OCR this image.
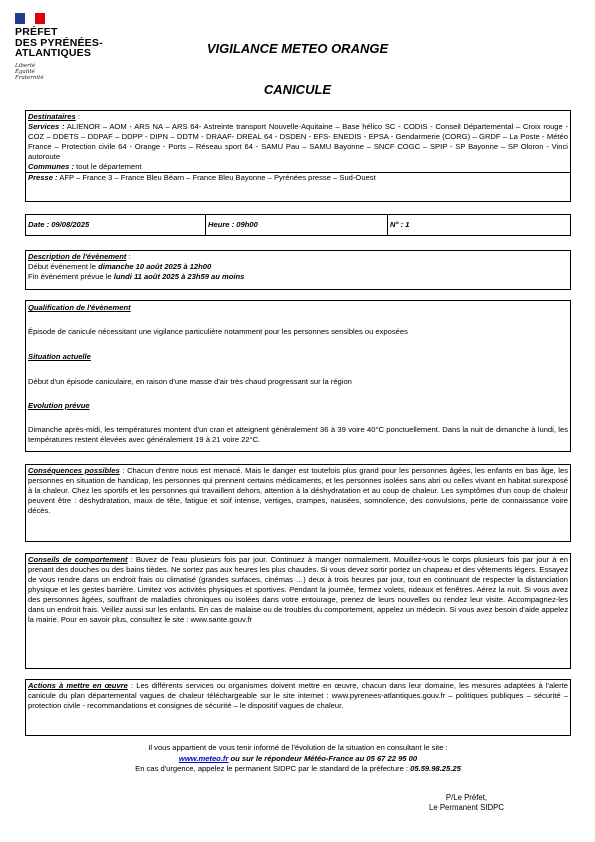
PRÉFET
DES PYRÉNÉES-
ATLANTIQUES
Liberté
Égalité
Fraternité
VIGILANCE METEO ORANGE
CANICULE

Destinataires :

Services : ALIENOR – AOM - ARS NA – ARS 64- Astreinte transport Nouvelle-Aquitaine – Base hélico SC - CODIS - Conseil Départemental – Croix rouge - COZ – DDETS – DDPAF – DDPP - DIPN – DDTM - DRAAF- DREAL 64 - DSDEN - EFS- ENEDIS - EPSA - Gendarmerie (CORG) – GRDF – La Poste - Météo France – Protection civile 64 - Orange - Ports – Réseau sport 64 - SAMU Pau – SAMU Bayonne – SNCF COGC – SPIP - SP Bayonne – SP Oloron - Vinci autoroute

Communes : tout le département

Presse : AFP – France 3 – France Bleu Béarn – France Bleu Bayonne – Pyrénées presse – Sud-Ouest
Date : 09/08/2025	Heure : 09h00	N° : 1

Description de l'évènement :

Début événement le dimanche 10 août 2025 à 12h00

Fin événement prévue le lundi 11 août 2025 à 23h59 au moins

Qualification de l'évènement

Épisode de canicule nécessitant une vigilance particulière notamment pour les personnes sensibles ou exposées

Situation actuelle

Début d'un épisode caniculaire, en raison d'une masse d'air très chaud progressant sur la région

Evolution prévue

Dimanche après-midi, les températures montent d'un cran et atteignent généralement 36 à 39 voire 40°C ponctuellement. Dans la nuit de dimanche à lundi, les températures restent élevées avec généralement 19 à 21 voire 22°C.

Conséquences possibles : Chacun d'entre nous est menacé. Mais le danger est toutefois plus grand pour les personnes âgées, les enfants en bas âge, les personnes en situation de handicap, les personnes qui prennent certains médicaments, et les personnes isolées sans abri ou celles vivant en habitat surexposé à la chaleur. Chez les sportifs et les personnes qui travaillent dehors, attention à la déshydratation et au coup de chaleur. Les symptômes d'un coup de chaleur peuvent être : déshydratation, maux de tête, fatigue et soif intense, vertiges, crampes, nausées, somnolence, des convulsions, perte de connaissance voire décès.
Conseils de comportement : Buvez de l'eau plusieurs fois par jour. Continuez à manger normalement. Mouillez-vous le corps plusieurs fois par jour à en prenant des douches ou des bains tièdes. Ne sortez pas aux heures les plus chaudes. Si vous devez sortir portez un chapeau et des vêtements légers. Essayez de vous rendre dans un endroit frais ou climatisé (grandes surfaces, cinémas …) deux à trois heures par jour, tout en continuant de respecter la distanciation physique et les gestes barrière. Limitez vos activités physiques et sportives. Pendant la journée, fermez volets, rideaux et fenêtres. Aérez la nuit. Si vous avez des personnes âgées, souffrant de maladies chroniques ou isolées dans votre entourage, prenez de leurs nouvelles ou rendez leur visite. Accompagnez-les dans un endroit frais. Veillez aussi sur les enfants. En cas de malaise ou de troubles du comportement, appelez un médecin. Si vous avez besoin d'aide appelez la mairie. Pour en savoir plus, consultez le site : www.sante.gouv.fr
Actions à mettre en œuvre : Les différents services ou organismes doivent mettre en œuvre, chacun dans leur domaine, les mesures adaptées à l'alerte canicule du plan départemental vagues de chaleur téléchargeable sur le site internet : www.pyrenees-atlantiques.gouv.fr – politiques publiques – sécurité – protection civile - recommandations et consignes de sécurité – le dispositif vagues de chaleur.

Il vous appartient de vous tenir informé de l'évolution de la situation en consultant le site :

www.meteo.fr ou sur le répondeur Météo-France au 05 67 22 95 00

En cas d'urgence, appelez le permanent SIDPC par le standard de la préfecture : 05.59.98.25.25

P/Le Préfet,

Le Permanent SIDPC
